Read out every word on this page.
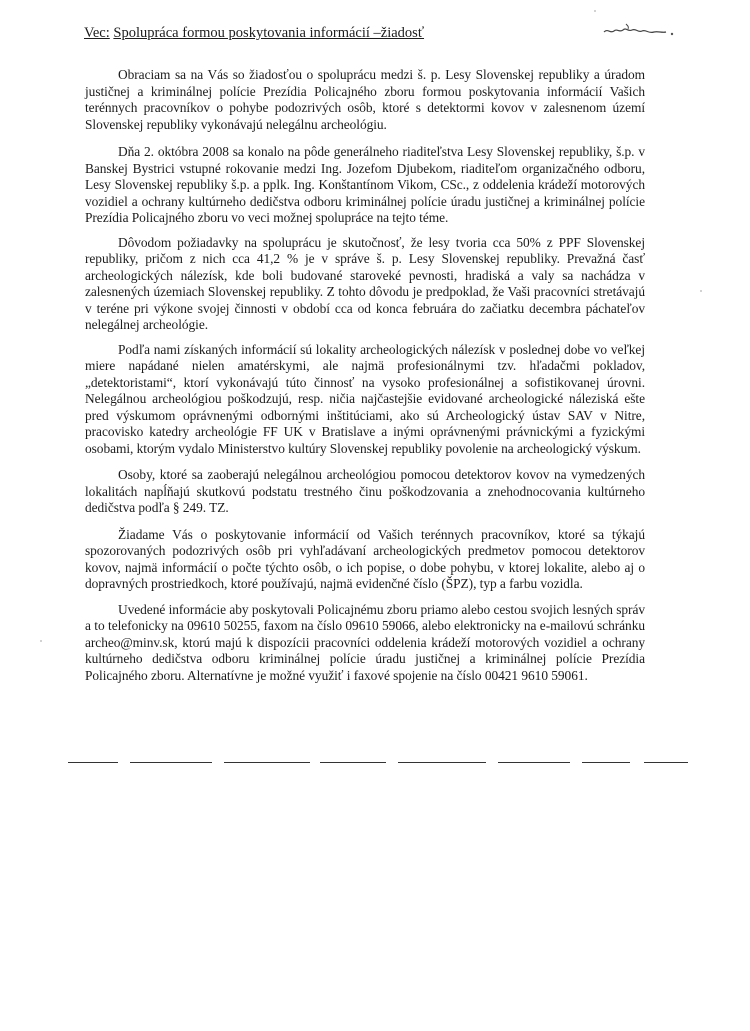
Vec: Spolupráca formou poskytovania informácií –žiadosť

Obraciam sa na Vás so žiadosťou o spoluprácu medzi š. p. Lesy Slovenskej republiky a úradom justičnej a kriminálnej polície Prezídia Policajného zboru formou poskytovania informácií Vašich terénnych pracovníkov o pohybe podozrivých osôb, ktoré s detektormi kovov v zalesnenom území Slovenskej republiky vykonávajú nelegálnu archeológiu.

Dňa 2. októbra 2008 sa konalo na pôde generálneho riaditeľstva Lesy Slovenskej republiky, š.p. v Banskej Bystrici vstupné rokovanie medzi Ing. Jozefom Djubekom, riaditeľom organizačného odboru, Lesy Slovenskej republiky š.p. a pplk. Ing. Konštantínom Vikom, CSc., z oddelenia krádeží motorových vozidiel a ochrany kultúrneho dedičstva odboru kriminálnej polície úradu justičnej a kriminálnej polície Prezídia Policajného zboru vo veci možnej spolupráce na tejto téme.

Dôvodom požiadavky na spoluprácu je skutočnosť, že lesy tvoria cca 50% z PPF Slovenskej republiky, pričom z nich cca 41,2 % je v správe š. p. Lesy Slovenskej republiky. Prevažná časť archeologických nálezísk, kde boli budované staroveké pevnosti, hradiská a valy sa nachádza v zalesnených územiach Slovenskej republiky. Z tohto dôvodu je predpoklad, že Vaši pracovníci stretávajú v teréne pri výkone svojej činnosti v období cca od konca februára do začiatku decembra páchateľov nelegálnej archeológie.

Podľa nami získaných informácií sú lokality archeologických nálezísk v poslednej dobe vo veľkej miere napádané nielen amatérskymi, ale najmä profesionálnymi tzv. hľadačmi pokladov, „detektoristami“, ktorí vykonávajú túto činnosť na vysoko profesionálnej a sofistikovanej úrovni. Nelegálnou archeológiou poškodzujú, resp. ničia najčastejšie evidované archeologické náleziská ešte pred výskumom oprávnenými odbornými inštitúciami, ako sú Archeologický ústav SAV v Nitre, pracovisko katedry archeológie FF UK v Bratislave a inými oprávnenými právnickými a fyzickými osobami, ktorým vydalo Ministerstvo kultúry Slovenskej republiky povolenie na archeologický výskum.

Osoby, ktoré sa zaoberajú nelegálnou archeológiou pomocou detektorov kovov na vymedzených lokalitách napĺňajú skutkovú podstatu trestného činu poškodzovania a znehodnocovania kultúrneho dedičstva podľa § 249. TZ.

Žiadame Vás o poskytovanie informácií od Vašich terénnych pracovníkov, ktoré sa týkajú spozorovaných podozrivých osôb pri vyhľadávaní archeologických predmetov pomocou detektorov kovov, najmä informácií o počte týchto osôb, o ich popise, o dobe pohybu, v ktorej lokalite, alebo aj o dopravných prostriedkoch, ktoré používajú, najmä evidenčné číslo (ŠPZ), typ a farbu vozidla.

Uvedené informácie aby poskytovali Policajnému zboru priamo alebo cestou svojich lesných správ a to telefonicky na 09610 50255, faxom na číslo 09610 59066, alebo elektronicky na e-mailovú schránku archeo@minv.sk, ktorú majú k dispozícii pracovníci oddelenia krádeží motorových vozidiel a ochrany kultúrneho dedičstva odboru kriminálnej polície úradu justičnej a kriminálnej polície Prezídia Policajného zboru. Alternatívne je možné využiť i faxové spojenie na číslo 00421 9610 59061.
